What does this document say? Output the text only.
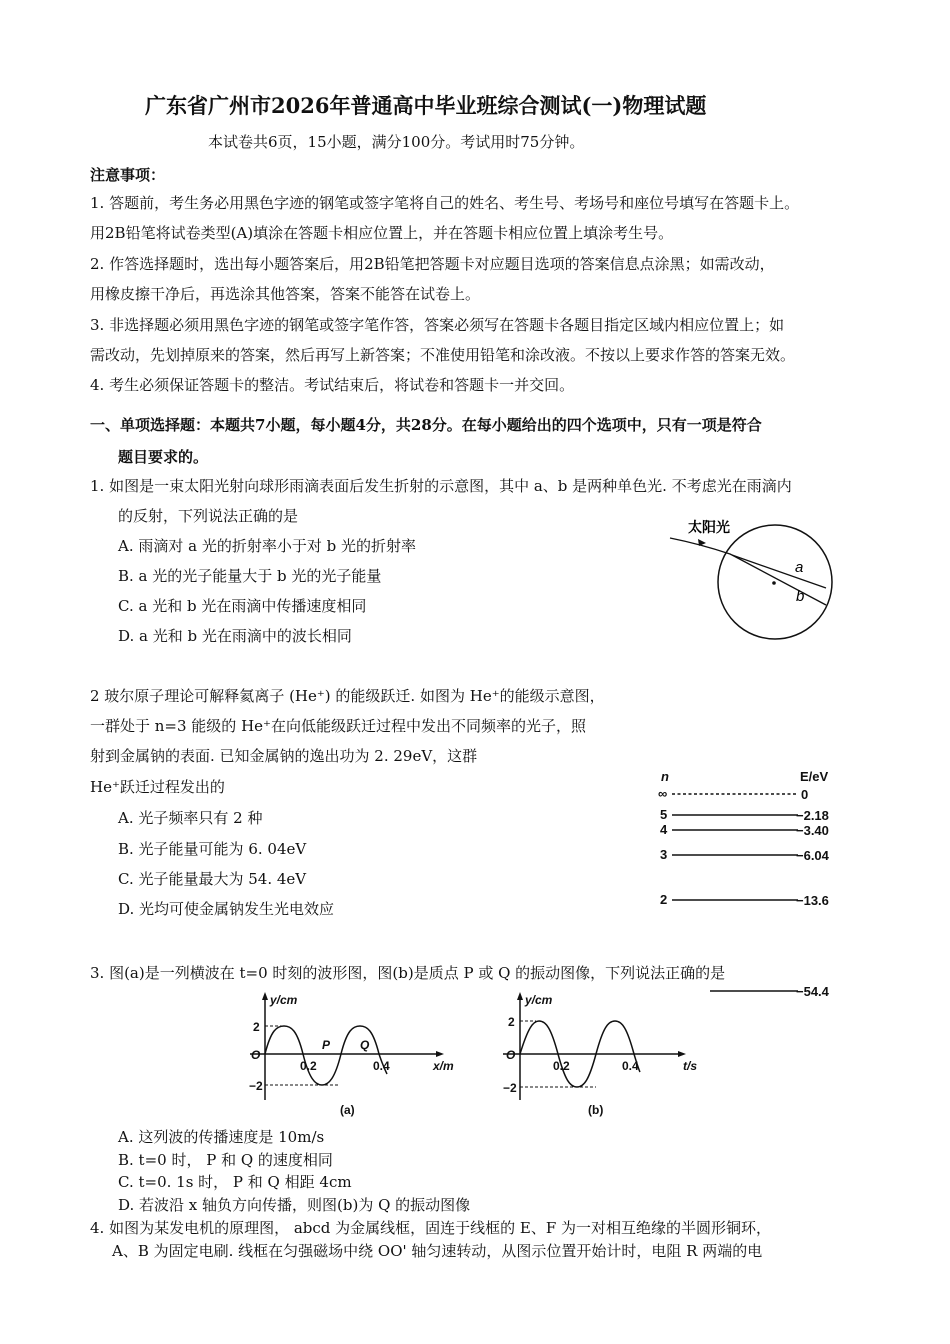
广东省广州市2026年普通高中毕业班综合测试(一)物理试题
本试卷共6页，15小题，满分100分。考试用时75分钟。
注意事项：
1. 答题前，考生务必用黑色字迹的钢笔或签字笔将自己的姓名、考生号、考场号和座位号填写在答题卡上。
用2B铅笔将试卷类型(A)填涂在答题卡相应位置上，并在答题卡相应位置上填涂考生号。
2. 作答选择题时，选出每小题答案后，用2B铅笔把答题卡对应题目选项的答案信息点涂黑；如需改动，
用橡皮擦干净后，再选涂其他答案，答案不能答在试卷上。
3. 非选择题必须用黑色字迹的钢笔或签字笔作答，答案必须写在答题卡各题目指定区域内相应位置上；如
需改动，先划掉原来的答案，然后再写上新答案；不准使用铅笔和涂改液。不按以上要求作答的答案无效。
4. 考生必须保证答题卡的整洁。考试结束后，将试卷和答题卡一并交回。
一、单项选择题：本题共7小题，每小题4分，共28分。在每小题给出的四个选项中，只有一项是符合
题目要求的。
1. 如图是一束太阳光射向球形雨滴表面后发生折射的示意图，其中 a、b 是两种单色光. 不考虑光在雨滴内
的反射，下列说法正确的是
A. 雨滴对 a 光的折射率小于对 b 光的折射率
B. a 光的光子能量大于 b 光的光子能量
C. a 光和 b 光在雨滴中传播速度相同
D. a 光和 b 光在雨滴中的波长相同
太阳光
a
b
2 玻尔原子理论可解释氦离子 (He⁺) 的能级跃迁. 如图为 He⁺的能级示意图，
一群处于 n=3 能级的 He⁺在向低能级跃迁过程中发出不同频率的光子，照
射到金属钠的表面. 已知金属钠的逸出功为 2. 29eV，这群
He⁺跃迁过程发出的
A. 光子频率只有 2 种
B. 光子能量可能为 6. 04eV
C. 光子能量最大为 54. 4eV
D. 光均可使金属钠发生光电效应
n	E/eV
∞	0
5	−2.18
4	−3.40
3	−6.04
2	−13.6
−54.4
3. 图(a)是一列横波在 t=0 时刻的波形图，图(b)是质点 P 或 Q 的振动图像，下列说法正确的是
y/cm
2
O
−2
0.2	0.4
P Q
x/m
(a)
y/cm
2
O
−2
0.2	0.4	t/s
(b)
A. 这列波的传播速度是 10m/s
B. t=0 时， P 和 Q 的速度相同
C. t=0. 1s 时， P 和 Q 相距 4cm
D. 若波沿 x 轴负方向传播，则图(b)为 Q 的振动图像
4. 如图为某发电机的原理图， abcd 为金属线框，固连于线框的 E、F 为一对相互绝缘的半圆形铜环，
A、B 为固定电刷. 线框在匀强磁场中绕 OO' 轴匀速转动，从图示位置开始计时，电阻 R 两端的电
